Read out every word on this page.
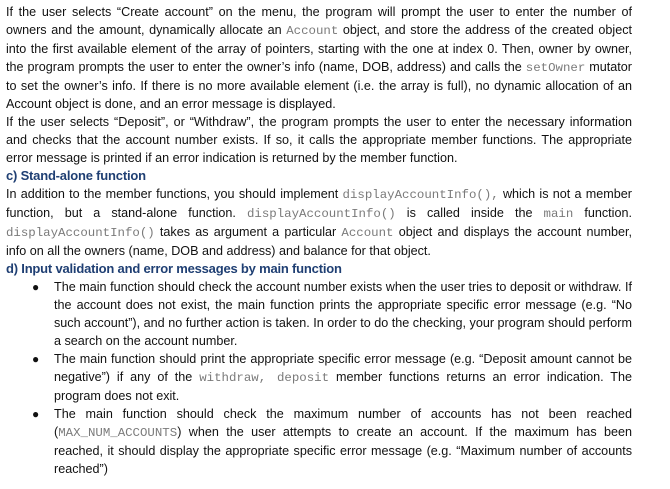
If the user selects “Create account” on the menu, the program will prompt the user to enter the number of owners and the amount, dynamically allocate an Account object, and store the address of the created object into the first available element of the array of pointers, starting with the one at index 0. Then, owner by owner, the program prompts the user to enter the owner’s info (name, DOB, address) and calls the setOwner mutator to set the owner’s info. If there is no more available element (i.e. the array is full), no dynamic allocation of an Account object is done, and an error message is displayed.

If the user selects “Deposit”, or “Withdraw”, the program prompts the user to enter the necessary information and checks that the account number exists. If so, it calls the appropriate member functions. The appropriate error message is printed if an error indication is returned by the member function.

c) Stand-alone function

In addition to the member functions, you should implement displayAccountInfo(), which is not a member function, but a stand-alone function. displayAccountInfo() is called inside the main function. displayAccountInfo() takes as argument a particular Account object and displays the account number, info on all the owners (name, DOB and address) and balance for that object.

d) Input validation and error messages by main function
● The main function should check the account number exists when the user tries to deposit or withdraw. If the account does not exist, the main function prints the appropriate specific error message (e.g. “No such account”), and no further action is taken. In order to do the checking, your program should perform a search on the account number.
● The main function should print the appropriate specific error message (e.g. “Deposit amount cannot be negative”) if any of the withdraw, deposit member functions returns an error indication. The program does not exit.
● The main function should check the maximum number of accounts has not been reached (MAX_NUM_ACCOUNTS) when the user attempts to create an account. If the maximum has been reached, it should display the appropriate specific error message (e.g. “Maximum number of accounts reached”)
